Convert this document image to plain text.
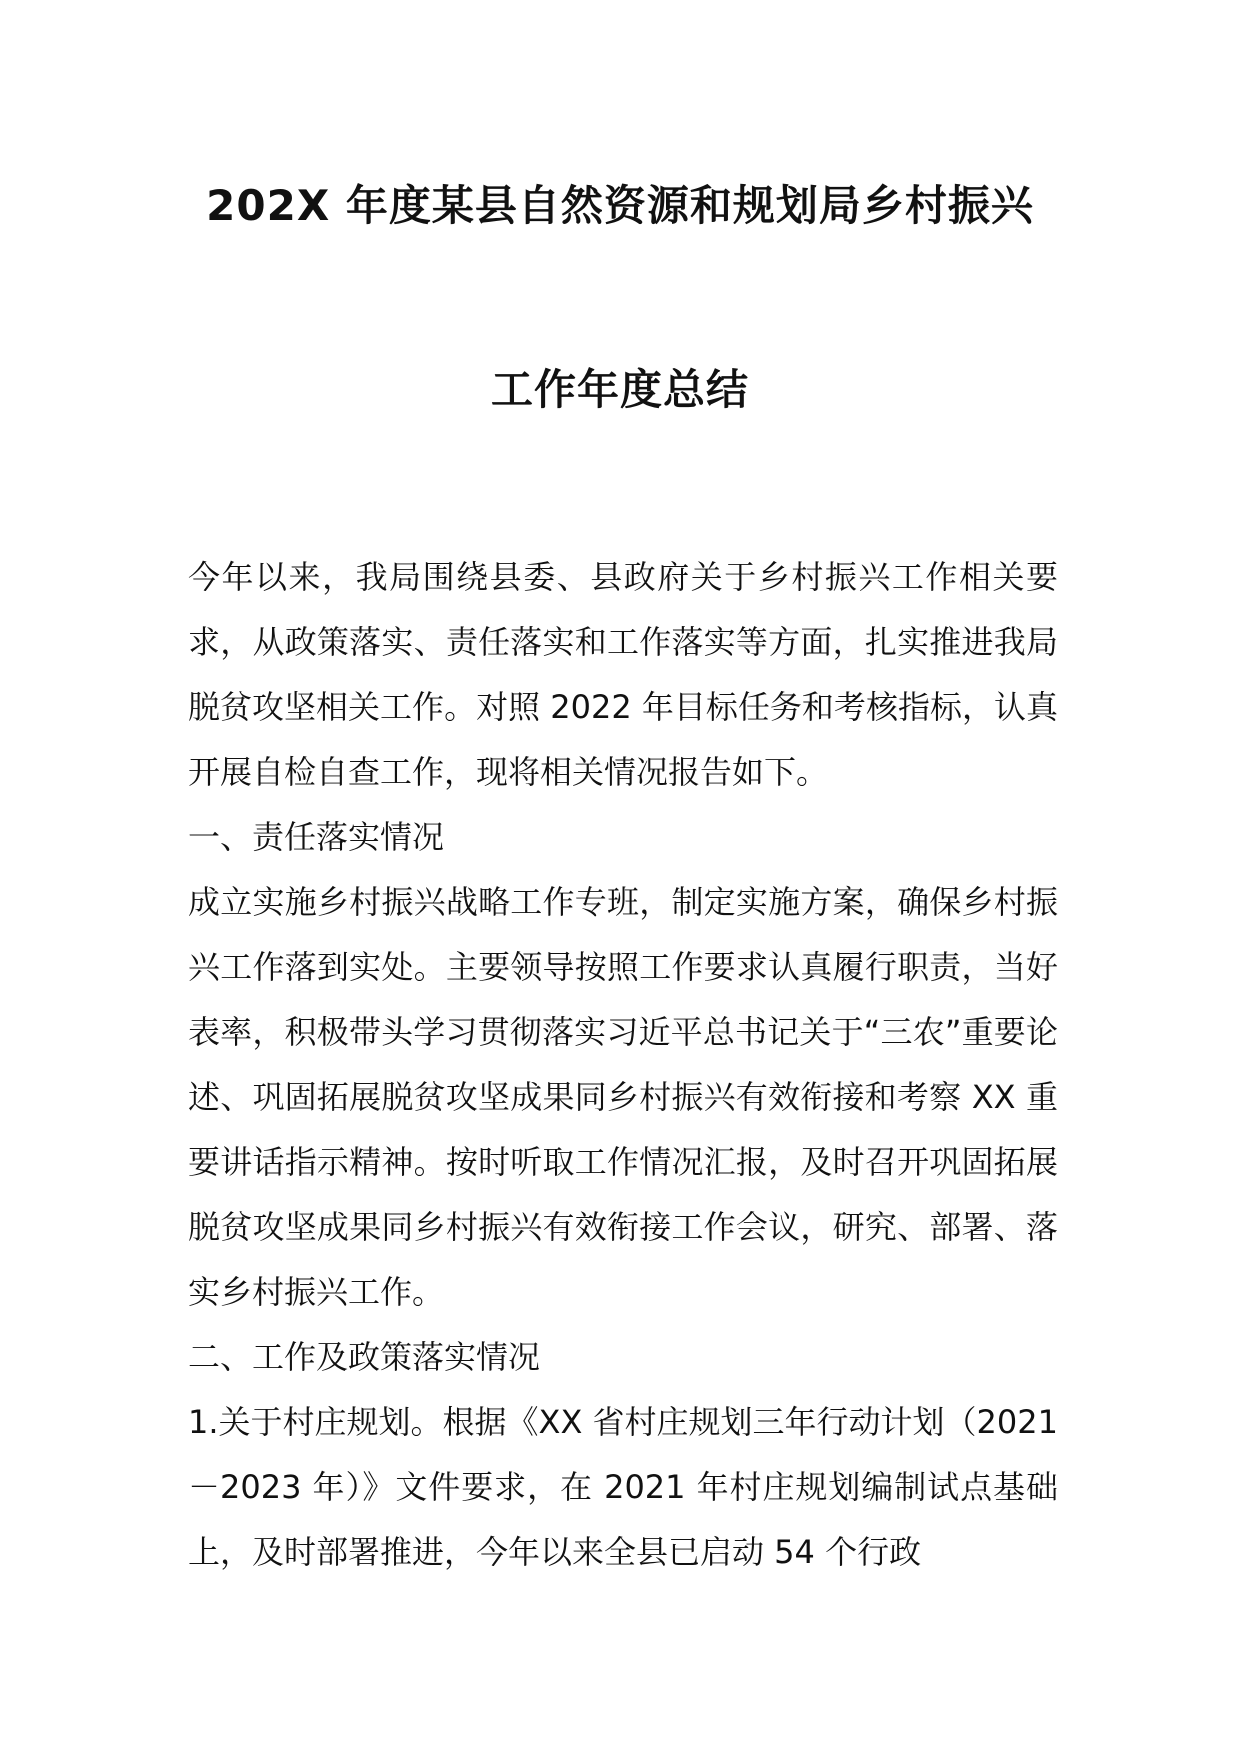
202X 年度某县自然资源和规划局乡村振兴
工作年度总结

今年以来，我局围绕县委、县政府关于乡村振兴工作相关要求，从政策落实、责任落实和工作落实等方面，扎实推进我局脱贫攻坚相关工作。对照 2022 年目标任务和考核指标，认真开展自检自查工作，现将相关情况报告如下。

一、责任落实情况

成立实施乡村振兴战略工作专班，制定实施方案，确保乡村振兴工作落到实处。主要领导按照工作要求认真履行职责，当好表率，积极带头学习贯彻落实习近平总书记关于“三农”重要论述、巩固拓展脱贫攻坚成果同乡村振兴有效衔接和考察 XX 重要讲话指示精神。按时听取工作情况汇报，及时召开巩固拓展脱贫攻坚成果同乡村振兴有效衔接工作会议，研究、部署、落实乡村振兴工作。

二、工作及政策落实情况

1.关于村庄规划。根据《XX 省村庄规划三年行动计划（2021－2023 年）》文件要求，在 2021 年村庄规划编制试点基础上，及时部署推进，今年以来全县已启动 54 个行政
